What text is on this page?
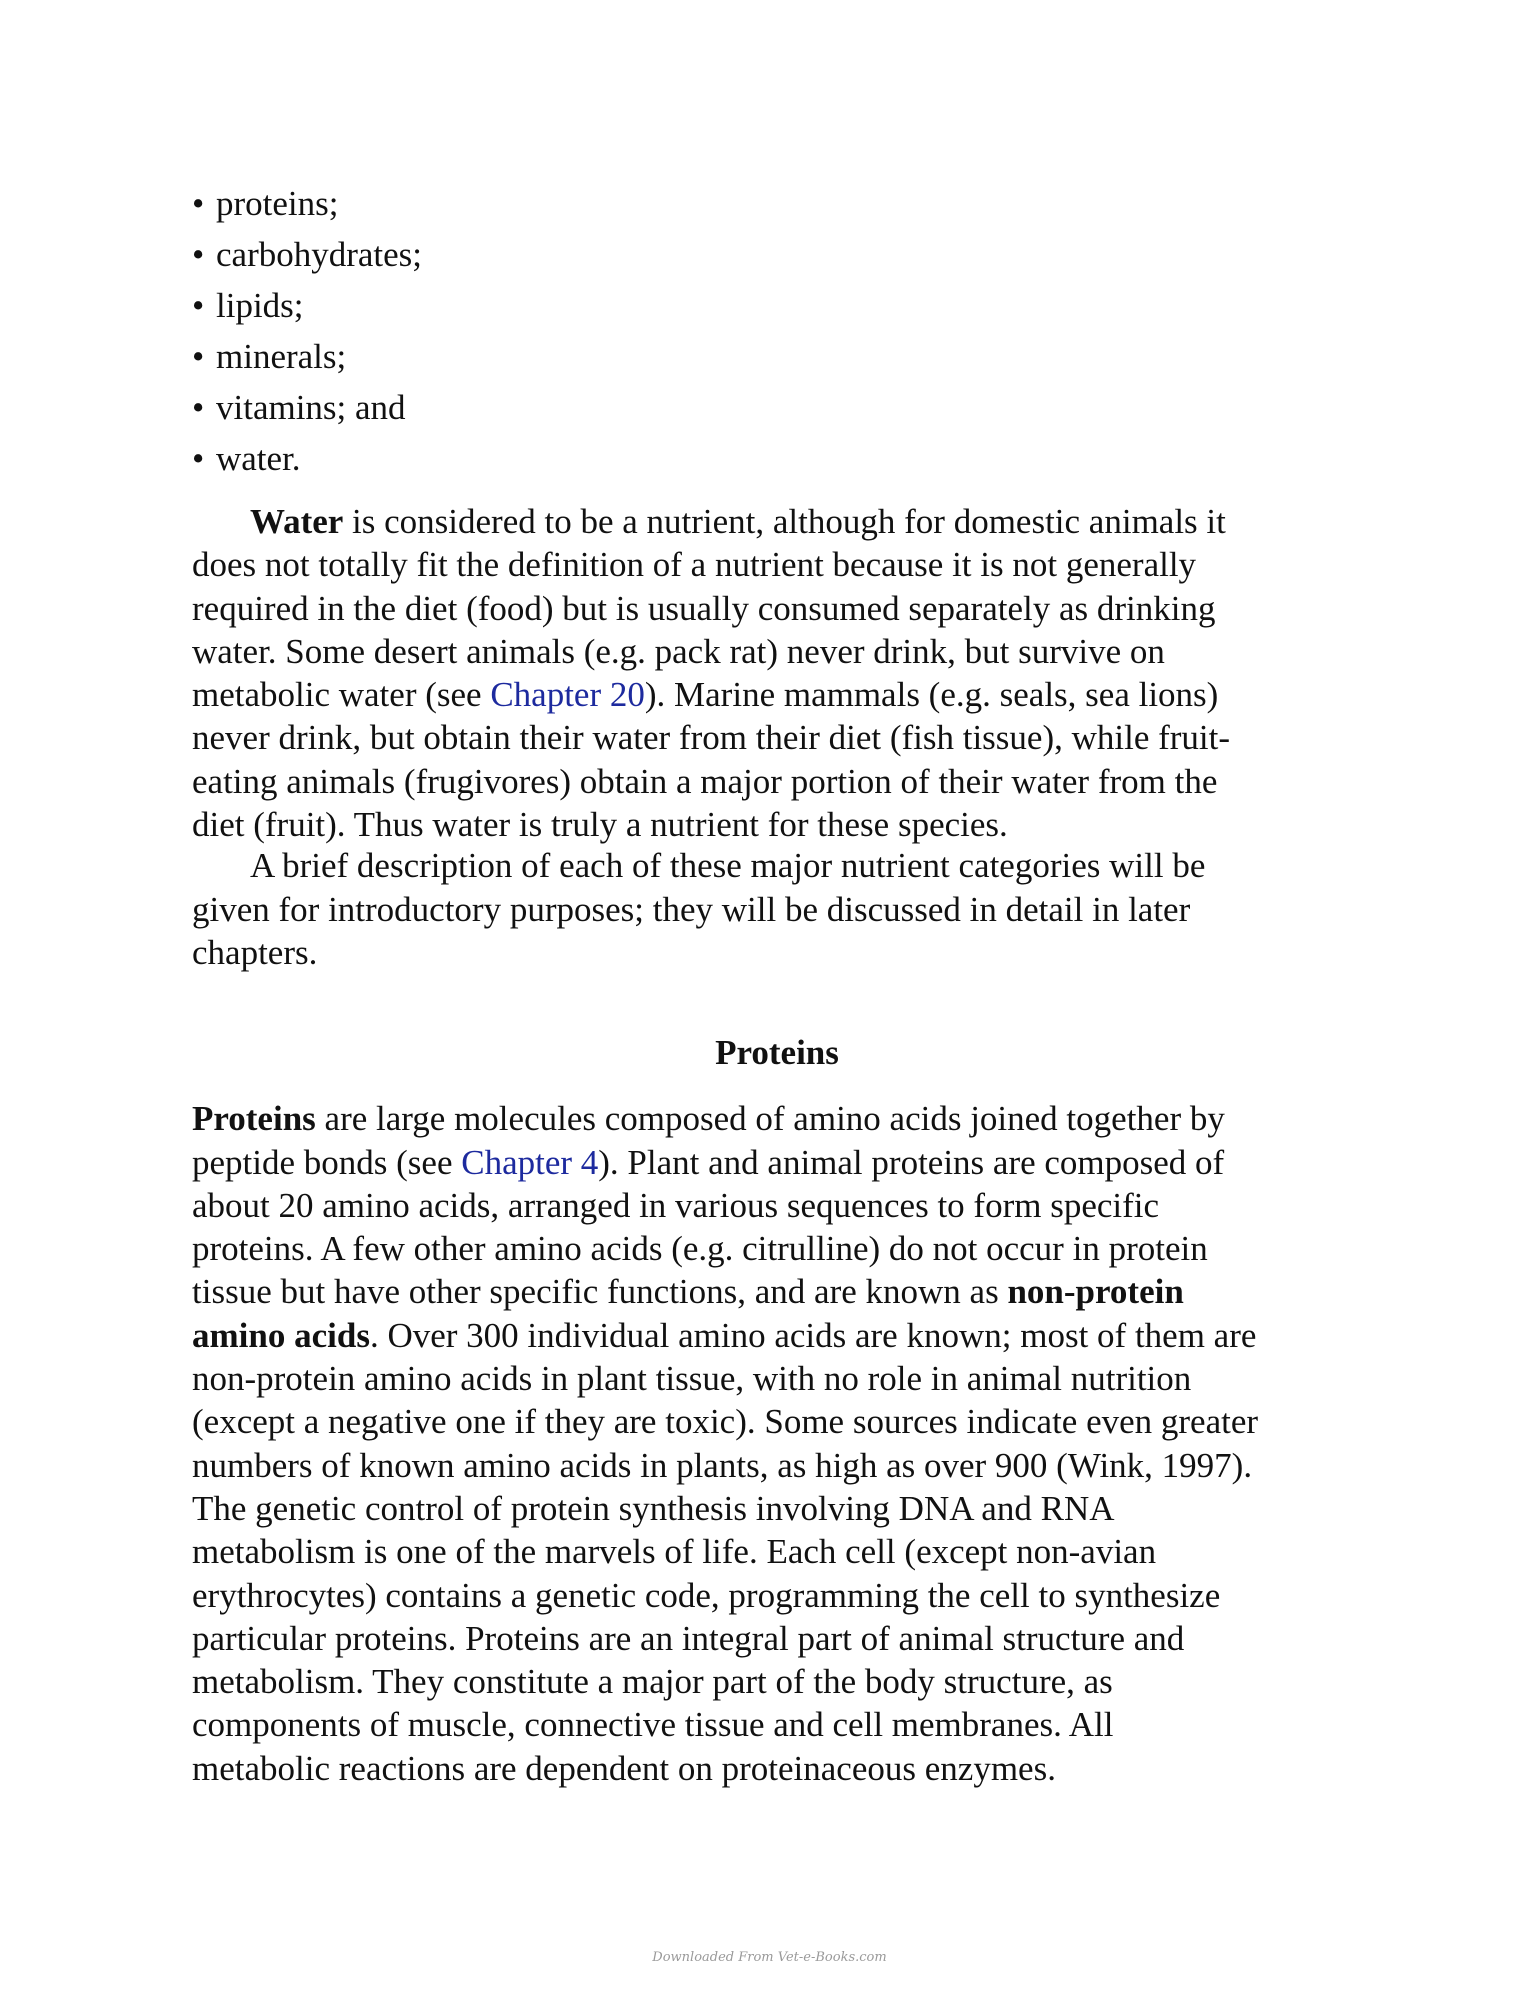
• proteins;
• carbohydrates;
• lipids;
• minerals;
• vitamins; and
• water.

Water is considered to be a nutrient, although for domestic animals it

does not totally fit the definition of a nutrient because it is not generally

required in the diet (food) but is usually consumed separately as drinking

water. Some desert animals (e.g. pack rat) never drink, but survive on

metabolic water (see Chapter 20). Marine mammals (e.g. seals, sea lions)

never drink, but obtain their water from their diet (fish tissue), while fruit-

eating animals (frugivores) obtain a major portion of their water from the

diet (fruit). Thus water is truly a nutrient for these species.

A brief description of each of these major nutrient categories will be

given for introductory purposes; they will be discussed in detail in later

chapters.

Proteins

Proteins are large molecules composed of amino acids joined together by

peptide bonds (see Chapter 4). Plant and animal proteins are composed of

about 20 amino acids, arranged in various sequences to form specific

proteins. A few other amino acids (e.g. citrulline) do not occur in protein

tissue but have other specific functions, and are known as non-protein

amino acids. Over 300 individual amino acids are known; most of them are

non-protein amino acids in plant tissue, with no role in animal nutrition

(except a negative one if they are toxic). Some sources indicate even greater

numbers of known amino acids in plants, as high as over 900 (Wink, 1997).

The genetic control of protein synthesis involving DNA and RNA

metabolism is one of the marvels of life. Each cell (except non-avian

erythrocytes) contains a genetic code, programming the cell to synthesize

particular proteins. Proteins are an integral part of animal structure and

metabolism. They constitute a major part of the body structure, as

components of muscle, connective tissue and cell membranes. All

metabolic reactions are dependent on proteinaceous enzymes.

Downloaded From Vet-e-Books.com
